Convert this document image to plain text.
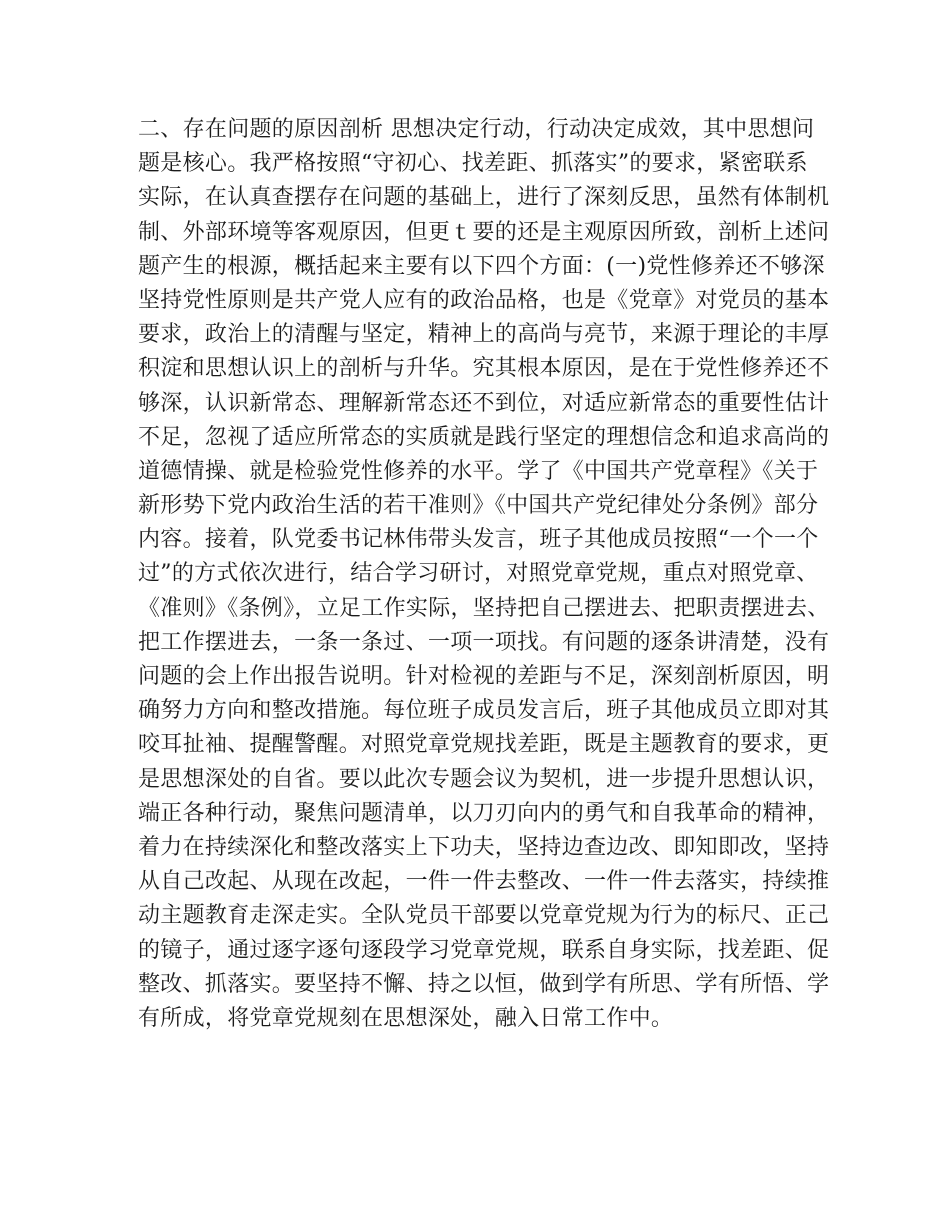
二、存在问题的原因剖析 思想决定行动，行动决定成效，其中思想问
题是核心。我严格按照“守初心、找差距、抓落实”的要求，紧密联系
实际，在认真查摆存在问题的基础上，进行了深刻反思，虽然有体制机
制、外部环境等客观原因，但更ｔ要的还是主观原因所致，剖析上述问
题产生的根源，概括起来主要有以下四个方面：(一)党性修养还不够深
坚持党性原则是共产党人应有的政治品格，也是《党章》对党员的基本
要求，政治上的清醒与坚定，精神上的高尚与亮节，来源于理论的丰厚
积淀和思想认识上的剖析与升华。究其根本原因，是在于党性修养还不
够深，认识新常态、理解新常态还不到位，对适应新常态的重要性估计
不足，忽视了适应所常态的实质就是践行坚定的理想信念和追求高尚的
道德情操、就是检验党性修养的水平。学了《中国共产党章程》《关于
新形势下党内政治生活的若干准则》《中国共产党纪律处分条例》部分
内容。接着，队党委书记林伟带头发言，班子其他成员按照“一个一个
过”的方式依次进行，结合学习研讨，对照党章党规，重点对照党章、
《准则》《条例》，立足工作实际，坚持把自己摆进去、把职责摆进去、
把工作摆进去，一条一条过、一项一项找。有问题的逐条讲清楚，没有
问题的会上作出报告说明。针对检视的差距与不足，深刻剖析原因，明
确努力方向和整改措施。每位班子成员发言后，班子其他成员立即对其
咬耳扯袖、提醒警醒。对照党章党规找差距，既是主题教育的要求，更
是思想深处的自省。要以此次专题会议为契机，进一步提升思想认识，
端正各种行动，聚焦问题清单，以刀刃向内的勇气和自我革命的精神，
着力在持续深化和整改落实上下功夫，坚持边查边改、即知即改，坚持
从自己改起、从现在改起，一件一件去整改、一件一件去落实，持续推
动主题教育走深走实。全队党员干部要以党章党规为行为的标尺、正己
的镜子，通过逐字逐句逐段学习党章党规，联系自身实际，找差距、促
整改、抓落实。要坚持不懈、持之以恒，做到学有所思、学有所悟、学
有所成，将党章党规刻在思想深处，融入日常工作中。
